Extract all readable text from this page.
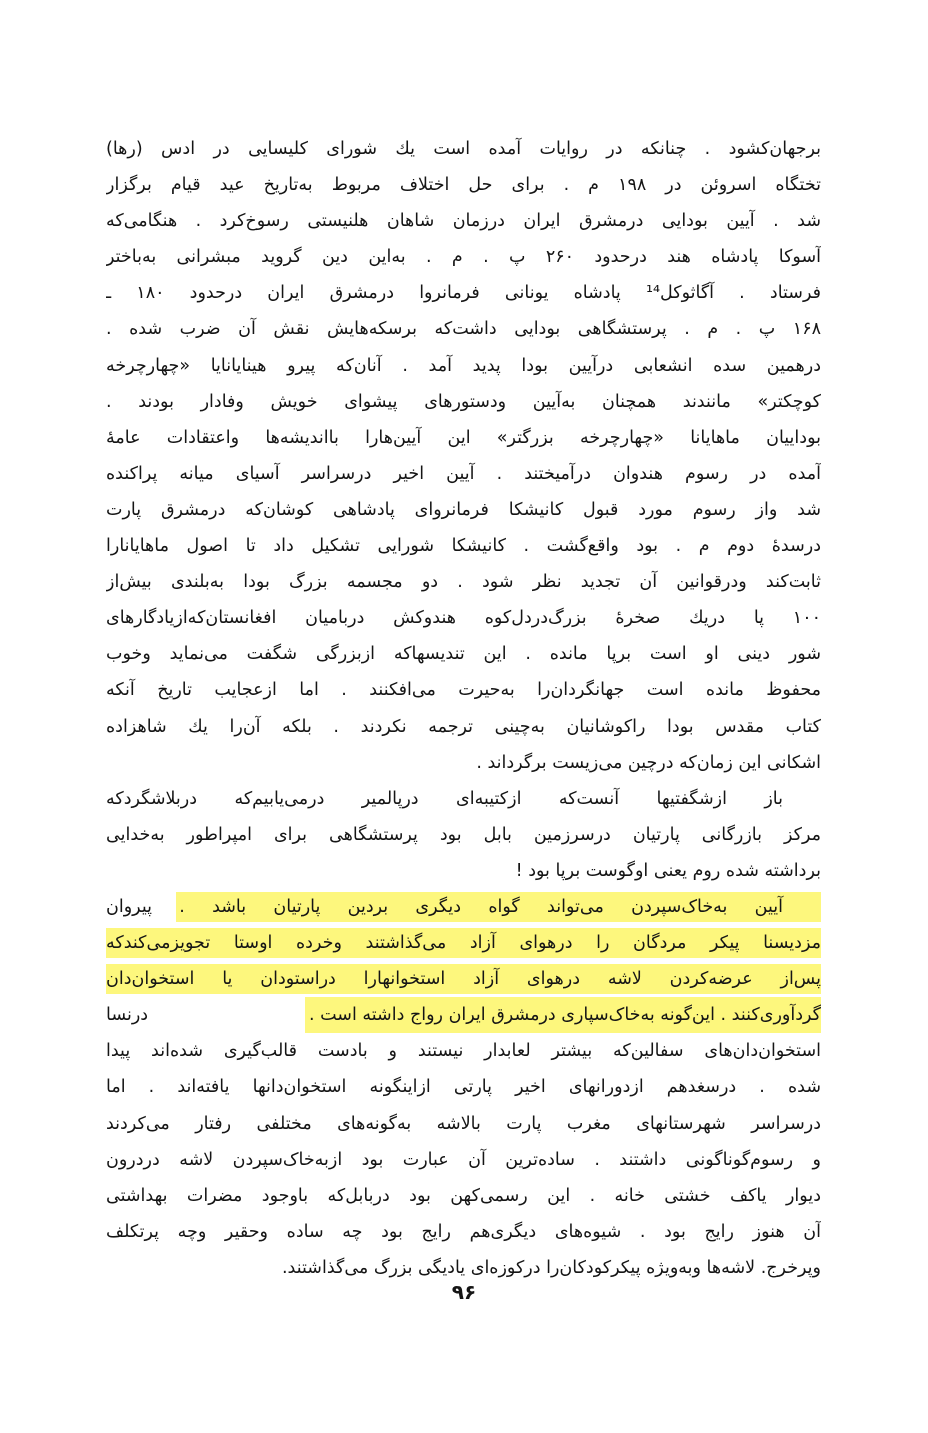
برجهان‌کشود . چنانکه در روایات آمده است یك شورای کلیسایی در ادس (رها)
تختگاه اسروئن در ۱۹۸ م . برای حل اختلاف مربوط به‌تاریخ عید قیام برگزار
شد . آیین بودایی درمشرق ایران درزمان شاهان هلنیستی رسوخ‌کرد . هنگامی‌که
آسوکا پادشاه هند درحدود ۲۶۰ پ . م . به‌این دین گروید مبشرانی به‌باختر
فرستاد . آگاثوکل¹⁴ پادشاه یونانی فرمانروا درمشرق ایران درحدود ۱۸۰ ـ
۱۶۸ پ . م . پرستشگاهی بودایی داشت‌که برسکه‌هایش نقش آن ضرب شده .
درهمین سده انشعابی درآیین بودا پدید آمد . آنان‌که پیرو هینایانایا «چهارچرخه
کوچکتر» مانندند همچنان به‌آیین ودستورهای پیشوای خویش وفادار بودند .
بوداییان ماهایانا «چهارچرخه بزرگتر» این آیین‌هارا بااندیشه‌ها واعتقادات عامهٔ
آمده در رسوم هندوان درآمیختند . آیین اخیر درسراسر آسیای میانه پراکنده
شد واز رسوم مورد قبول کانیشکا فرمانروای پادشاهی کوشان‌که درمشرق پارت
درسدهٔ دوم م . بود واقع‌گشت . کانیشکا شورایی تشکیل داد تا اصول ماهایانارا
ثابت‌کند ودرقوانین آن تجدید نظر شود . دو مجسمه بزرگ بودا به‌بلندی بیش‌از
۱۰۰ پا دریك صخرهٔ بزرگ‌دردل‌کوه هندوکش درباميان افغانستان‌که‌ازیادگارهای
شور دینی او است برپا مانده . این تندیسهاکه ازبزرگی شگفت می‌نماید وخوب
محفوظ مانده است جهانگردان‌را به‌حیرت می‌افکنند . اما ازعجایب تاریخ آنکه
کتاب مقدس بودا راکوشانیان به‌چینی ترجمه نکردند . بلکه آن‌را یك شاهزاده
اشکانی این زمان‌که درچین می‌زیست برگرداند .
باز ازشگفتیها آنست‌که ازکتیبه‌ای درپالمیر درمی‌یابیم‌که دربلاشگردکه
مرکز بازرگانی پارتیان درسرزمین بابل بود پرستشگاهی برای امپراطور به‌خدایی
برداشته شده روم یعنی اوگوست برپا بود !
آیین به‌خاک‌سپردن می‌تواند گواه دیگری بردین پارتیان باشد . پیروان
مزدیسنا پیکر مردگان را درهوای آزاد می‌گذاشتند وخرده اوستا تجویزمی‌کندکه
پس‌از عرضه‌کردن لاشه درهوای آزاد استخوانهارا دراستودان یا استخوان‌دان
گردآوری‌کنند . این‌گونه به‌خاک‌سپاری درمشرق ایران رواج داشته است .
درنسا
استخوان‌دان‌های سفالین‌که بیشتر لعابدار نیستند و بادست قالب‌گیری شده‌اند پیدا
شده . درسغدهم ازدورانهای اخیر پارتی ازاینگونه استخوان‌دانها یافته‌اند . اما
درسراسر شهرستانهای مغرب پارت بالاشه به‌گونه‌های مختلفی رفتار می‌کردند
و رسوم‌گوناگونی داشتند . ساده‌ترین آن عبارت بود ازبه‌خاک‌سپردن لاشه دردرون
دیوار یاکف خشتی خانه . این رسمی‌کهن بود دربابل‌که باوجود مضرات بهداشتی
آن هنوز رایج بود . شیوه‌های دیگری‌هم رایج بود چه ساده وحقیر وچه پرتکلف
وپرخرج. لاشه‌ها وبه‌ویژه پیکرکودکان‌را درکوزه‌ای یادیگی بزرگ می‌گذاشتند.
۹۶
